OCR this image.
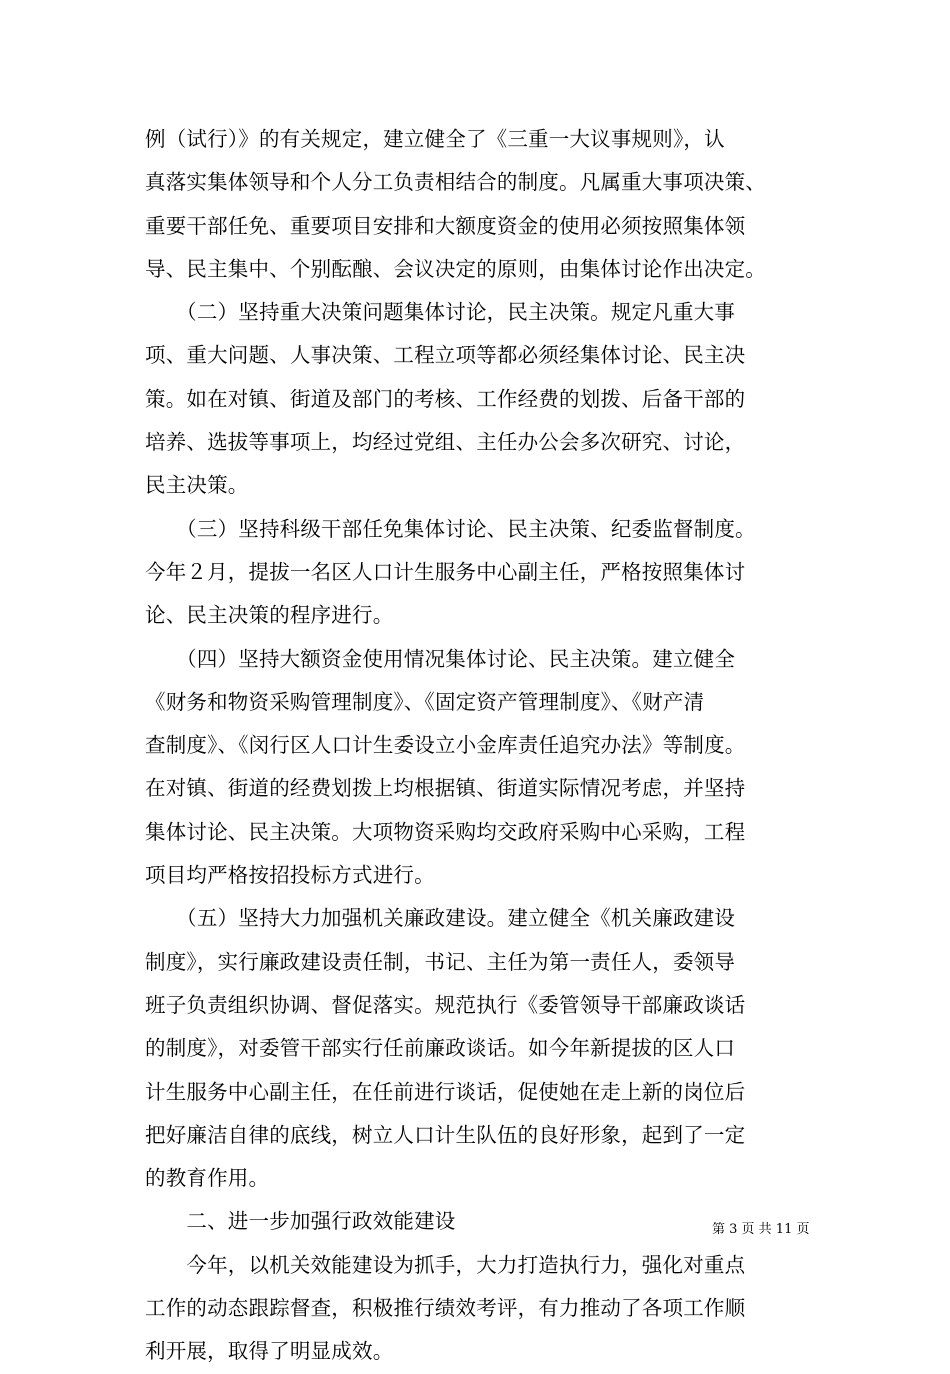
例（试行）》的有关规定，建立健全了《三重一大议事规则》，认
真落实集体领导和个人分工负责相结合的制度。凡属重大事项决策、
重要干部任免、重要项目安排和大额度资金的使用必须按照集体领
导、民主集中、个别酝酿、会议决定的原则，由集体讨论作出决定。
　　（二）坚持重大决策问题集体讨论，民主决策。规定凡重大事
项、重大问题、人事决策、工程立项等都必须经集体讨论、民主决
策。如在对镇、街道及部门的考核、工作经费的划拨、后备干部的
培养、选拔等事项上，均经过党组、主任办公会多次研究、讨论，
民主决策。
　　（三）坚持科级干部任免集体讨论、民主决策、纪委监督制度。
今年２月，提拔一名区人口计生服务中心副主任，严格按照集体讨
论、民主决策的程序进行。
　　（四）坚持大额资金使用情况集体讨论、民主决策。建立健全
《财务和物资采购管理制度》、《固定资产管理制度》、《财产清
查制度》、《闵行区人口计生委设立小金库责任追究办法》等制度。
在对镇、街道的经费划拨上均根据镇、街道实际情况考虑，并坚持
集体讨论、民主决策。大项物资采购均交政府采购中心采购，工程
项目均严格按招投标方式进行。
　　（五）坚持大力加强机关廉政建设。建立健全《机关廉政建设
制度》，实行廉政建设责任制，书记、主任为第一责任人，委领导
班子负责组织协调、督促落实。规范执行《委管领导干部廉政谈话
的制度》，对委管干部实行任前廉政谈话。如今年新提拔的区人口
计生服务中心副主任，在任前进行谈话，促使她在走上新的岗位后
把好廉洁自律的底线，树立人口计生队伍的良好形象，起到了一定
的教育作用。
　　二、进一步加强行政效能建设
　　今年，以机关效能建设为抓手，大力打造执行力，强化对重点
工作的动态跟踪督查，积极推行绩效考评，有力推动了各项工作顺
利开展，取得了明显成效。
第 3 页 共 11 页
